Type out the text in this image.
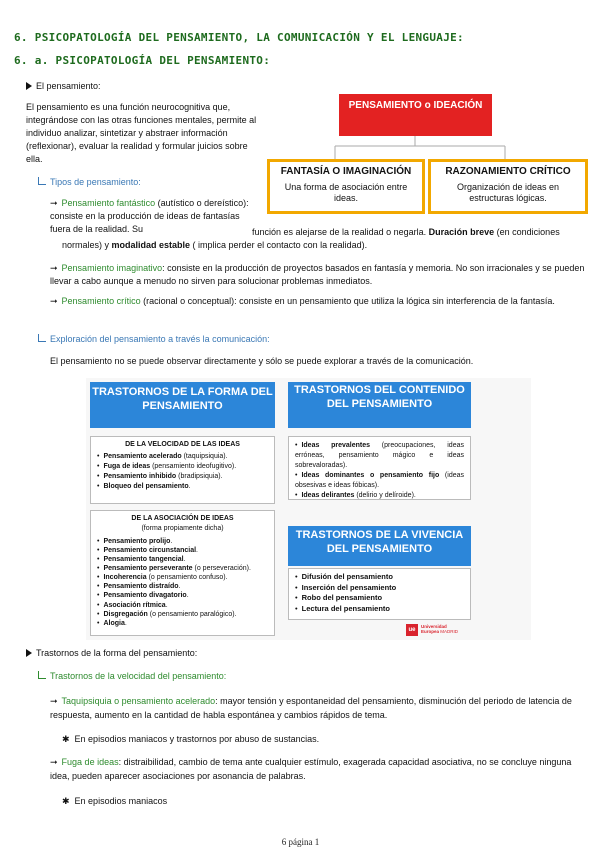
6. PSICOPATOLOGÍA DEL PENSAMIENTO, LA COMUNICACIÓN Y EL LENGUAJE:
6. a. PSICOPATOLOGÍA DEL PENSAMIENTO:
El pensamiento:
El pensamiento es una función neurocognitiva que, integrándose con las otras funciones mentales, permite al individuo analizar, sintetizar y abstraer información (reflexionar), evaluar la realidad y formular juicios sobre ella.
PENSAMIENTO o IDEACIÓN
FANTASÍA O IMAGINACIÓN
Una forma de asociación entre ideas.
RAZONAMIENTO CRÍTICO
Organización de ideas en estructuras lógicas.
Tipos de pensamiento:
➞ Pensamiento fantástico (autístico o dereístico): consiste en la producción de ideas de fantasías fuera de la realidad. Su	función es alejarse de la realidad o negarla. Duración breve (en condiciones normales) y modalidad estable ( implica perder el contacto con la realidad).
➞ Pensamiento imaginativo: consiste en la producción de proyectos basados en fantasía y memoria. No son irracionales y se pueden llevar a cabo aunque a menudo no sirven para solucionar problemas inmediatos.
➞ Pensamiento crítico (racional o conceptual): consiste en un pensamiento que utiliza la lógica sin interferencia de la fantasía.
Exploración del pensamiento a través la comunicación:
El pensamiento no se puede observar directamente y sólo se puede explorar a través de la comunicación.
TRASTORNOS DE LA FORMA DEL PENSAMIENTO
DE LA VELOCIDAD DE LAS IDEAS
• Pensamiento acelerado (taquipsiquia).
• Fuga de ideas (pensamiento ideofugitivo).
• Pensamiento inhibido (bradipsiquia).
• Bloqueo del pensamiento.
DE LA ASOCIACIÓN DE IDEAS
(forma propiamente dicha)
• Pensamiento prolijo.
• Pensamiento circunstancial.
• Pensamiento tangencial.
• Pensamiento perseverante (o perseveración).
• Incoherencia (o pensamiento confuso).
• Pensamiento distraído.
• Pensamiento divagatorio.
• Asociación rítmica.
• Disgregación (o pensamiento paralógico).
• Alogia.
TRASTORNOS DEL CONTENIDO DEL PENSAMIENTO
• Ideas prevalentes (preocupaciones, ideas erróneas, pensamiento mágico e ideas sobrevaloradas).
• Ideas dominantes o pensamiento fijo (ideas obsesivas e ideas fóbicas).
• Ideas delirantes (delirio y delíroide).
TRASTORNOS DE LA VIVENCIA DEL PENSAMIENTO
• Difusión del pensamiento
• Inserción del pensamiento
• Robo del pensamiento
• Lectura del pensamiento
ue
Universidad
Europea MADRID
Trastornos de la forma del pensamiento:
Trastornos de la velocidad del pensamiento:
➞ Taquipsiquia o pensamiento acelerado: mayor tensión y espontaneidad del pensamiento, disminución del periodo de latencia de respuesta, aumento en la cantidad de habla espontánea y cambios rápidos de tema.
✱ En episodios maniacos y trastornos por abuso de sustancias.
➞ Fuga de ideas: distraibilidad, cambio de tema ante cualquier estímulo, exagerada capacidad asociativa, no se concluye ninguna idea, pueden aparecer asociaciones por asonancia de palabras.
✱ En episodios maniacos
6 página 1
